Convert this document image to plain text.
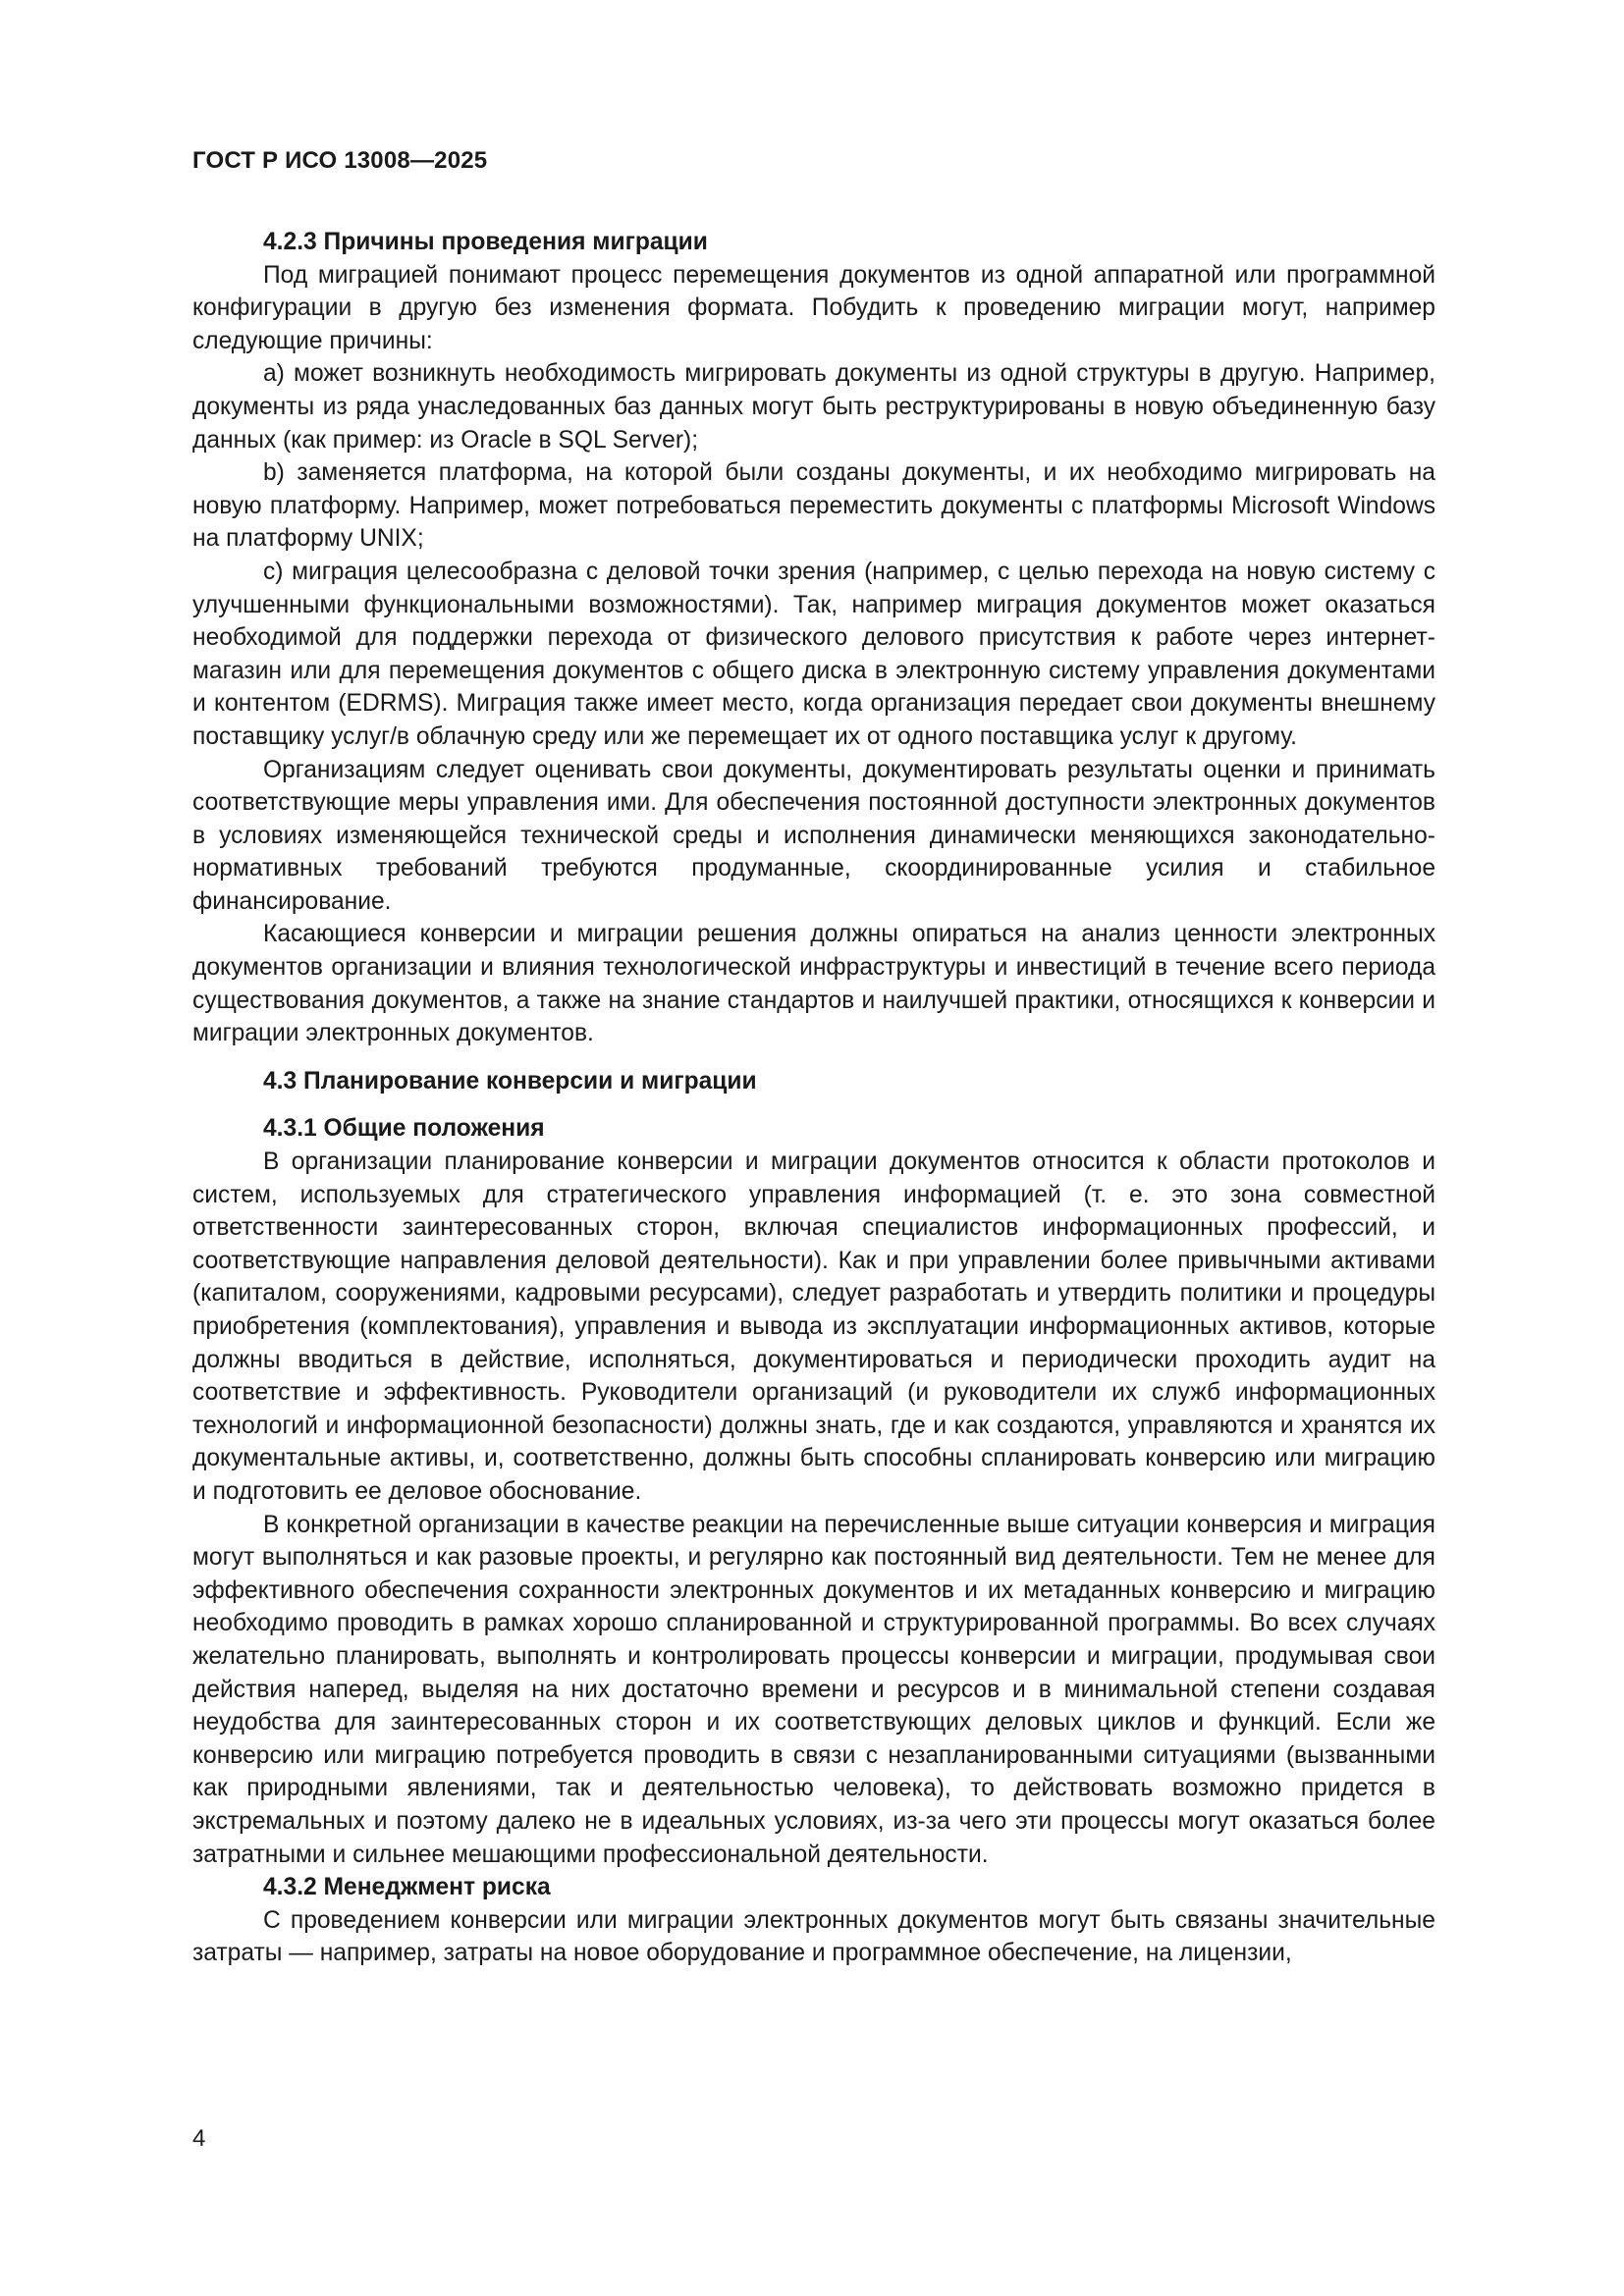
ГОСТ Р ИСО 13008—2025
4.2.3 Причины проведения миграции

Под миграцией понимают процесс перемещения документов из одной аппаратной или программной конфигурации в другую без изменения формата. Побудить к проведению миграции могут, например следующие причины:

a) может возникнуть необходимость мигрировать документы из одной структуры в другую. Например, документы из ряда унаследованных баз данных могут быть реструктурированы в новую объединенную базу данных (как пример: из Oracle в SQL Server);

b) заменяется платформа, на которой были созданы документы, и их необходимо мигрировать на новую платформу. Например, может потребоваться переместить документы с платформы Microsoft Windows на платформу UNIX;

c) миграция целесообразна с деловой точки зрения (например, с целью перехода на новую систему с улучшенными функциональными возможностями). Так, например миграция документов может оказаться необходимой для поддержки перехода от физического делового присутствия к работе через интернет-магазин или для перемещения документов с общего диска в электронную систему управления документами и контентом (EDRMS). Миграция также имеет место, когда организация передает свои документы внешнему поставщику услуг/в облачную среду или же перемещает их от одного поставщика услуг к другому.

Организациям следует оценивать свои документы, документировать результаты оценки и принимать соответствующие меры управления ими. Для обеспечения постоянной доступности электронных документов в условиях изменяющейся технической среды и исполнения динамически меняющихся законодательно-нормативных требований требуются продуманные, скоординированные усилия и стабильное финансирование.

Касающиеся конверсии и миграции решения должны опираться на анализ ценности электронных документов организации и влияния технологической инфраструктуры и инвестиций в течение всего периода существования документов, а также на знание стандартов и наилучшей практики, относящихся к конверсии и миграции электронных документов.

4.3 Планирование конверсии и миграции
4.3.1 Общие положения

В организации планирование конверсии и миграции документов относится к области протоколов и систем, используемых для стратегического управления информацией (т. е. это зона совместной ответственности заинтересованных сторон, включая специалистов информационных профессий, и соответствующие направления деловой деятельности). Как и при управлении более привычными активами (капиталом, сооружениями, кадровыми ресурсами), следует разработать и утвердить политики и процедуры приобретения (комплектования), управления и вывода из эксплуатации информационных активов, которые должны вводиться в действие, исполняться, документироваться и периодически проходить аудит на соответствие и эффективность. Руководители организаций (и руководители их служб информационных технологий и информационной безопасности) должны знать, где и как создаются, управляются и хранятся их документальные активы, и, соответственно, должны быть способны спланировать конверсию или миграцию и подготовить ее деловое обоснование.

В конкретной организации в качестве реакции на перечисленные выше ситуации конверсия и миграция могут выполняться и как разовые проекты, и регулярно как постоянный вид деятельности. Тем не менее для эффективного обеспечения сохранности электронных документов и их метаданных конверсию и миграцию необходимо проводить в рамках хорошо спланированной и структурированной программы. Во всех случаях желательно планировать, выполнять и контролировать процессы конверсии и миграции, продумывая свои действия наперед, выделяя на них достаточно времени и ресурсов и в минимальной степени создавая неудобства для заинтересованных сторон и их соответствующих деловых циклов и функций. Если же конверсию или миграцию потребуется проводить в связи с незапланированными ситуациями (вызванными как природными явлениями, так и деятельностью человека), то действовать возможно придется в экстремальных и поэтому далеко не в идеальных условиях, из-за чего эти процессы могут оказаться более затратными и сильнее мешающими профессиональной деятельности.

4.3.2 Менеджмент риска

С проведением конверсии или миграции электронных документов могут быть связаны значительные затраты — например, затраты на новое оборудование и программное обеспечение, на лицензии,

4
